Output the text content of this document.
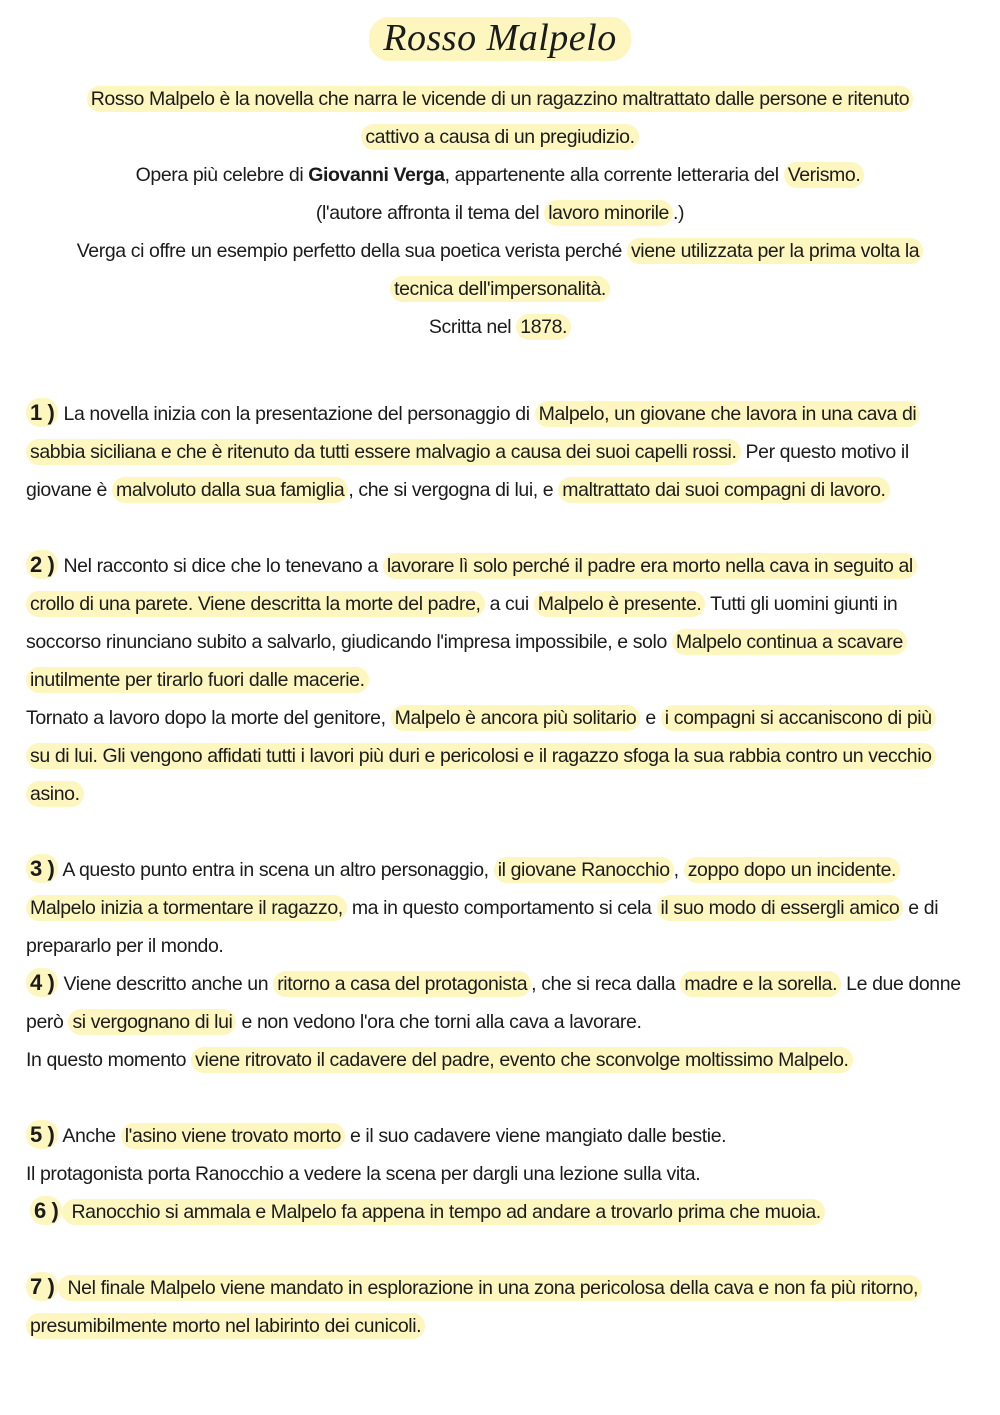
Rosso Malpelo
Rosso Malpelo è la novella che narra le vicende di un ragazzino maltrattato dalle persone e ritenuto
cattivo a causa di un pregiudizio.
Opera più celebre di Giovanni Verga, appartenente alla corrente letteraria del Verismo.
(l'autore affronta il tema del lavoro minorile .)
Verga ci offre un esempio perfetto della sua poetica verista perché viene utilizzata per la prima volta la
tecnica dell'impersonalità.
Scritta nel 1878.
1 ) La novella inizia con la presentazione del personaggio di Malpelo, un giovane che lavora in una cava di
sabbia siciliana e che è ritenuto da tutti essere malvagio a causa dei suoi capelli rossi. Per questo motivo il
giovane è malvoluto dalla sua famiglia , che si vergogna di lui, e maltrattato dai suoi compagni di lavoro.
2 ) Nel racconto si dice che lo tenevano a lavorare lì solo perché il padre era morto nella cava in seguito al
crollo di una parete. Viene descritta la morte del padre, a cui Malpelo è presente. Tutti gli uomini giunti in
soccorso rinunciano subito a salvarlo, giudicando l'impresa impossibile, e solo Malpelo continua a scavare
inutilmente per tirarlo fuori dalle macerie.
Tornato a lavoro dopo la morte del genitore, Malpelo è ancora più solitario e i compagni si accaniscono di più
su di lui. Gli vengono affidati tutti i lavori più duri e pericolosi e il ragazzo sfoga la sua rabbia contro un vecchio
asino.
3 ) A questo punto entra in scena un altro personaggio, il giovane Ranocchio , zoppo dopo un incidente.
Malpelo inizia a tormentare il ragazzo, ma in questo comportamento si cela il suo modo di essergli amico e di
prepararlo per il mondo.
4 ) Viene descritto anche un ritorno a casa del protagonista , che si reca dalla madre e la sorella. Le due donne
però si vergognano di lui e non vedono l'ora che torni alla cava a lavorare.
In questo momento viene ritrovato il cadavere del padre, evento che sconvolge moltissimo Malpelo.
5 ) Anche l'asino viene trovato morto e il suo cadavere viene mangiato dalle bestie.
Il protagonista porta Ranocchio a vedere la scena per dargli una lezione sulla vita.
6 ) Ranocchio si ammala e Malpelo fa appena in tempo ad andare a trovarlo prima che muoia.
7 ) Nel finale Malpelo viene mandato in esplorazione in una zona pericolosa della cava e non fa più ritorno,
presumibilmente morto nel labirinto dei cunicoli.
